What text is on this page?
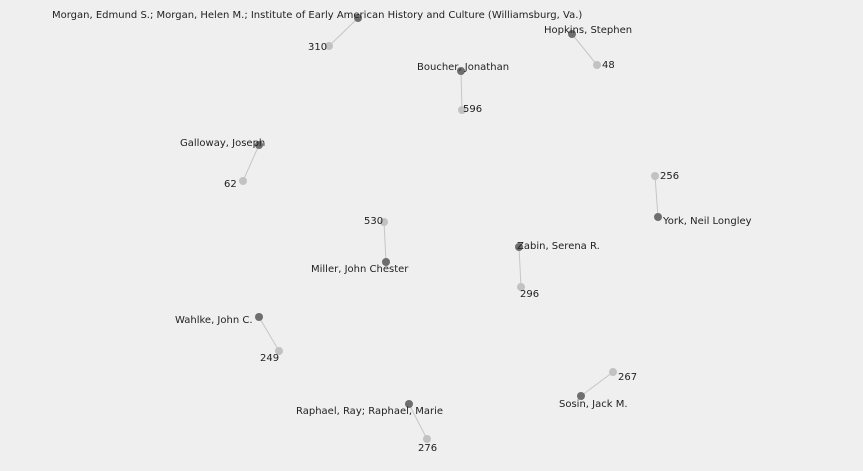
Morgan, Edmund S.; Morgan, Helen M.; Institute of Early American History and Culture (Williamsburg, Va.)
310
Hopkins, Stephen
48
Boucher, Jonathan
596
Galloway, Joseph
62
York, Neil Longley
256
Miller, John Chester
530
Zabin, Serena R.
296
Wahlke, John C.
249
Sosin, Jack M.
267
Raphael, Ray; Raphael, Marie
276
